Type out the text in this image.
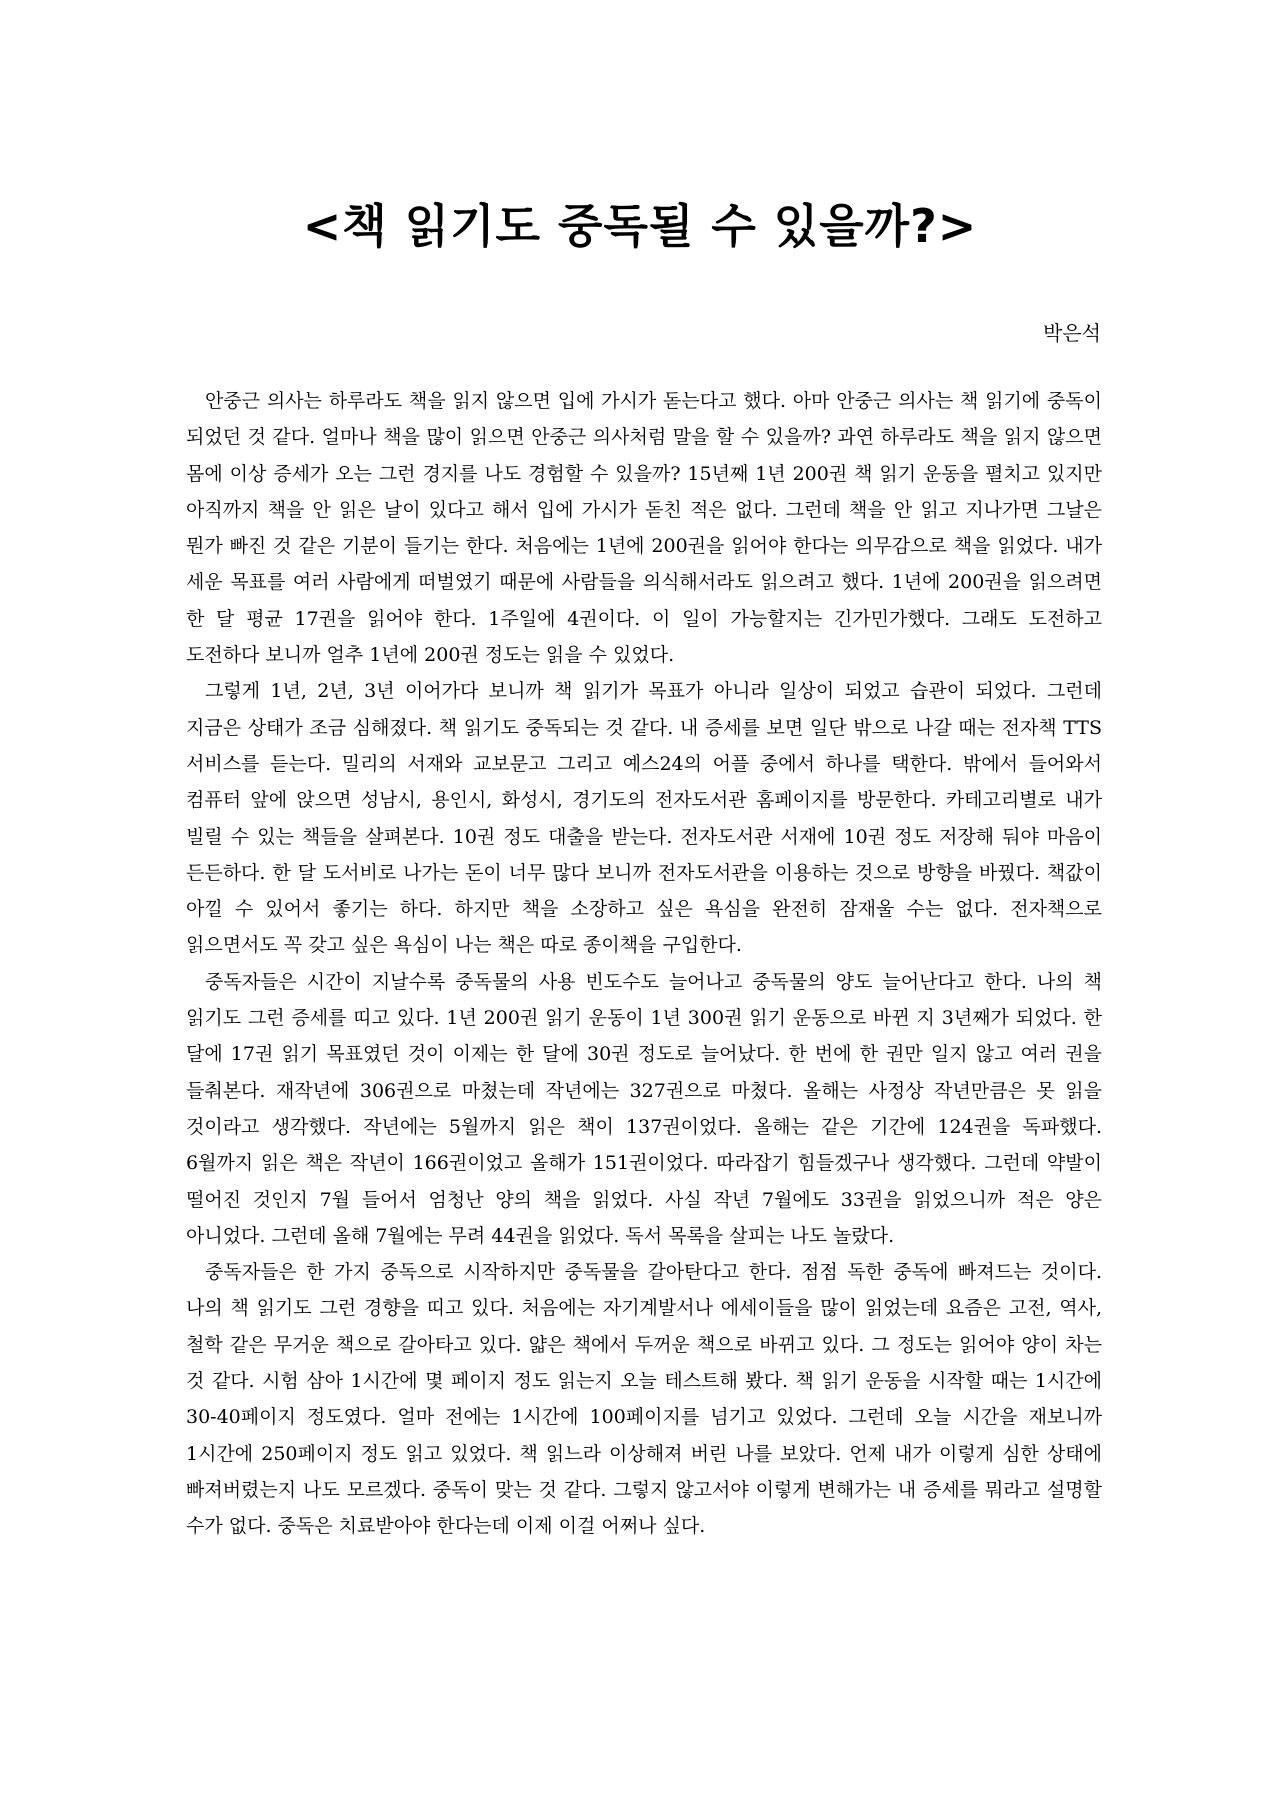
<책 읽기도 중독될 수 있을까?>
박은석

안중근 의사는 하루라도 책을 읽지 않으면 입에 가시가 돋는다고 했다. 아마 안중근 의사는 책 읽기에 중독이 되었던 것 같다. 얼마나 책을 많이 읽으면 안중근 의사처럼 말을 할 수 있을까? 과연 하루라도 책을 읽지 않으면 몸에 이상 증세가 오는 그런 경지를 나도 경험할 수 있을까? 15년째 1년 200권 책 읽기 운동을 펼치고 있지만 아직까지 책을 안 읽은 날이 있다고 해서 입에 가시가 돋친 적은 없다. 그런데 책을 안 읽고 지나가면 그날은 뭔가 빠진 것 같은 기분이 들기는 한다. 처음에는 1년에 200권을 읽어야 한다는 의무감으로 책을 읽었다. 내가 세운 목표를 여러 사람에게 떠벌였기 때문에 사람들을 의식해서라도 읽으려고 했다. 1년에 200권을 읽으려면 한 달 평균 17권을 읽어야 한다. 1주일에 4권이다. 이 일이 가능할지는 긴가민가했다. 그래도 도전하고 도전하다 보니까 얼추 1년에 200권 정도는 읽을 수 있었다.

그렇게 1년, 2년, 3년 이어가다 보니까 책 읽기가 목표가 아니라 일상이 되었고 습관이 되었다. 그런데 지금은 상태가 조금 심해졌다. 책 읽기도 중독되는 것 같다. 내 증세를 보면 일단 밖으로 나갈 때는 전자책 TTS 서비스를 듣는다. 밀리의 서재와 교보문고 그리고 예스24의 어플 중에서 하나를 택한다. 밖에서 들어와서 컴퓨터 앞에 앉으면 성남시, 용인시, 화성시, 경기도의 전자도서관 홈페이지를 방문한다. 카테고리별로 내가 빌릴 수 있는 책들을 살펴본다. 10권 정도 대출을 받는다. 전자도서관 서재에 10권 정도 저장해 둬야 마음이 든든하다. 한 달 도서비로 나가는 돈이 너무 많다 보니까 전자도서관을 이용하는 것으로 방향을 바꿨다. 책값이 아낄 수 있어서 좋기는 하다. 하지만 책을 소장하고 싶은 욕심을 완전히 잠재울 수는 없다. 전자책으로 읽으면서도 꼭 갖고 싶은 욕심이 나는 책은 따로 종이책을 구입한다.

중독자들은 시간이 지날수록 중독물의 사용 빈도수도 늘어나고 중독물의 양도 늘어난다고 한다. 나의 책 읽기도 그런 증세를 띠고 있다. 1년 200권 읽기 운동이 1년 300권 읽기 운동으로 바뀐 지 3년째가 되었다. 한 달에 17권 읽기 목표였던 것이 이제는 한 달에 30권 정도로 늘어났다. 한 번에 한 권만 일지 않고 여러 권을 들춰본다. 재작년에 306권으로 마쳤는데 작년에는 327권으로 마쳤다. 올해는 사정상 작년만큼은 못 읽을 것이라고 생각했다. 작년에는 5월까지 읽은 책이 137권이었다. 올해는 같은 기간에 124권을 독파했다. 6월까지 읽은 책은 작년이 166권이었고 올해가 151권이었다. 따라잡기 힘들겠구나 생각했다. 그런데 약발이 떨어진 것인지 7월 들어서 엄청난 양의 책을 읽었다. 사실 작년 7월에도 33권을 읽었으니까 적은 양은 아니었다. 그런데 올해 7월에는 무려 44권을 읽었다. 독서 목록을 살피는 나도 놀랐다.

중독자들은 한 가지 중독으로 시작하지만 중독물을 갈아탄다고 한다. 점점 독한 중독에 빠져드는 것이다. 나의 책 읽기도 그런 경향을 띠고 있다. 처음에는 자기계발서나 에세이들을 많이 읽었는데 요즘은 고전, 역사, 철학 같은 무거운 책으로 갈아타고 있다. 얇은 책에서 두꺼운 책으로 바뀌고 있다. 그 정도는 읽어야 양이 차는 것 같다. 시험 삼아 1시간에 몇 페이지 정도 읽는지 오늘 테스트해 봤다. 책 읽기 운동을 시작할 때는 1시간에 30-40페이지 정도였다. 얼마 전에는 1시간에 100페이지를 넘기고 있었다. 그런데 오늘 시간을 재보니까 1시간에 250페이지 정도 읽고 있었다. 책 읽느라 이상해져 버린 나를 보았다. 언제 내가 이렇게 심한 상태에 빠져버렸는지 나도 모르겠다. 중독이 맞는 것 같다. 그렇지 않고서야 이렇게 변해가는 내 증세를 뭐라고 설명할 수가 없다. 중독은 치료받아야 한다는데 이제 이걸 어쩌나 싶다.
